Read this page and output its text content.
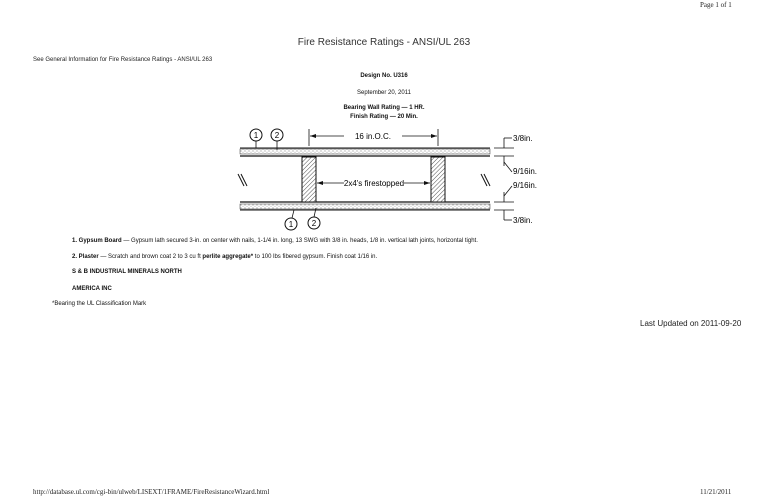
Page 1 of 1
Fire Resistance Ratings - ANSI/UL 263
See General Information for Fire Resistance Ratings - ANSI/UL 263
Design No. U316
September 20, 2011
Bearing Wall Rating — 1 HR.
Finish Rating — 20 Min.
1 2	16 in.O.C.
2x4's firestopped
1 2
3/8in.
9/16in.
9/16in.
3/8in.
1. Gypsum Board — Gypsum lath secured 3-in. on center with nails, 1-1/4 in. long, 13 SWG with 3/8 in. heads, 1/8 in. vertical lath joints, horizontal tight.
2. Plaster — Scratch and brown coat 2 to 3 cu ft perlite aggregate* to 100 lbs fibered gypsum. Finish coat 1/16 in.
S & B INDUSTRIAL MINERALS NORTH
AMERICA INC
*Bearing the UL Classification Mark
Last Updated on 2011-09-20
http://database.ul.com/cgi-bin/ulweb/LISEXT/1FRAME/FireResistanceWizard.html	11/21/2011
